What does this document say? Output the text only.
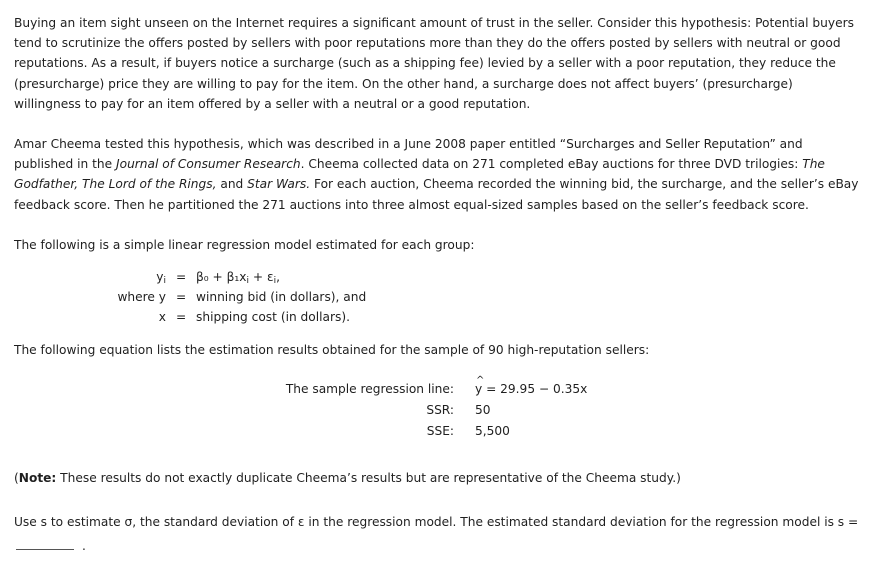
Buying an item sight unseen on the Internet requires a significant amount of trust in the seller. Consider this hypothesis: Potential buyers tend to scrutinize the offers posted by sellers with poor reputations more than they do the offers posted by sellers with neutral or good reputations. As a result, if buyers notice a surcharge (such as a shipping fee) levied by a seller with a poor reputation, they reduce the (presurcharge) price they are willing to pay for the item. On the other hand, a surcharge does not affect buyers’ (presurcharge) willingness to pay for an item offered by a seller with a neutral or a good reputation.

Amar Cheema tested this hypothesis, which was described in a June 2008 paper entitled “Surcharges and Seller Reputation” and published in the Journal of Consumer Research. Cheema collected data on 271 completed eBay auctions for three DVD trilogies: The Godfather, The Lord of the Rings, and Star Wars. For each auction, Cheema recorded the winning bid, the surcharge, and the seller’s eBay feedback score. Then he partitioned the 271 auctions into three almost equal-sized samples based on the seller’s feedback score.

The following is a simple linear regression model estimated for each group:

$y_i = \beta_0 + \beta_1x_i + \varepsilon_i$,
where y = winning bid (in dollars), and
x = shipping cost (in dollars).

The following equation lists the estimation results obtained for the sample of 90 high-reputation sellers:

The sample regression line:
^ y = 29.95 − 0.35x
SSR: 50
SSE: 5,500

(Note: These results do not exactly duplicate Cheema’s results but are representative of the Cheema study.)

Use s to estimate σ, the standard deviation of ε in the regression model. The estimated standard deviation for the regression model is s =

.
